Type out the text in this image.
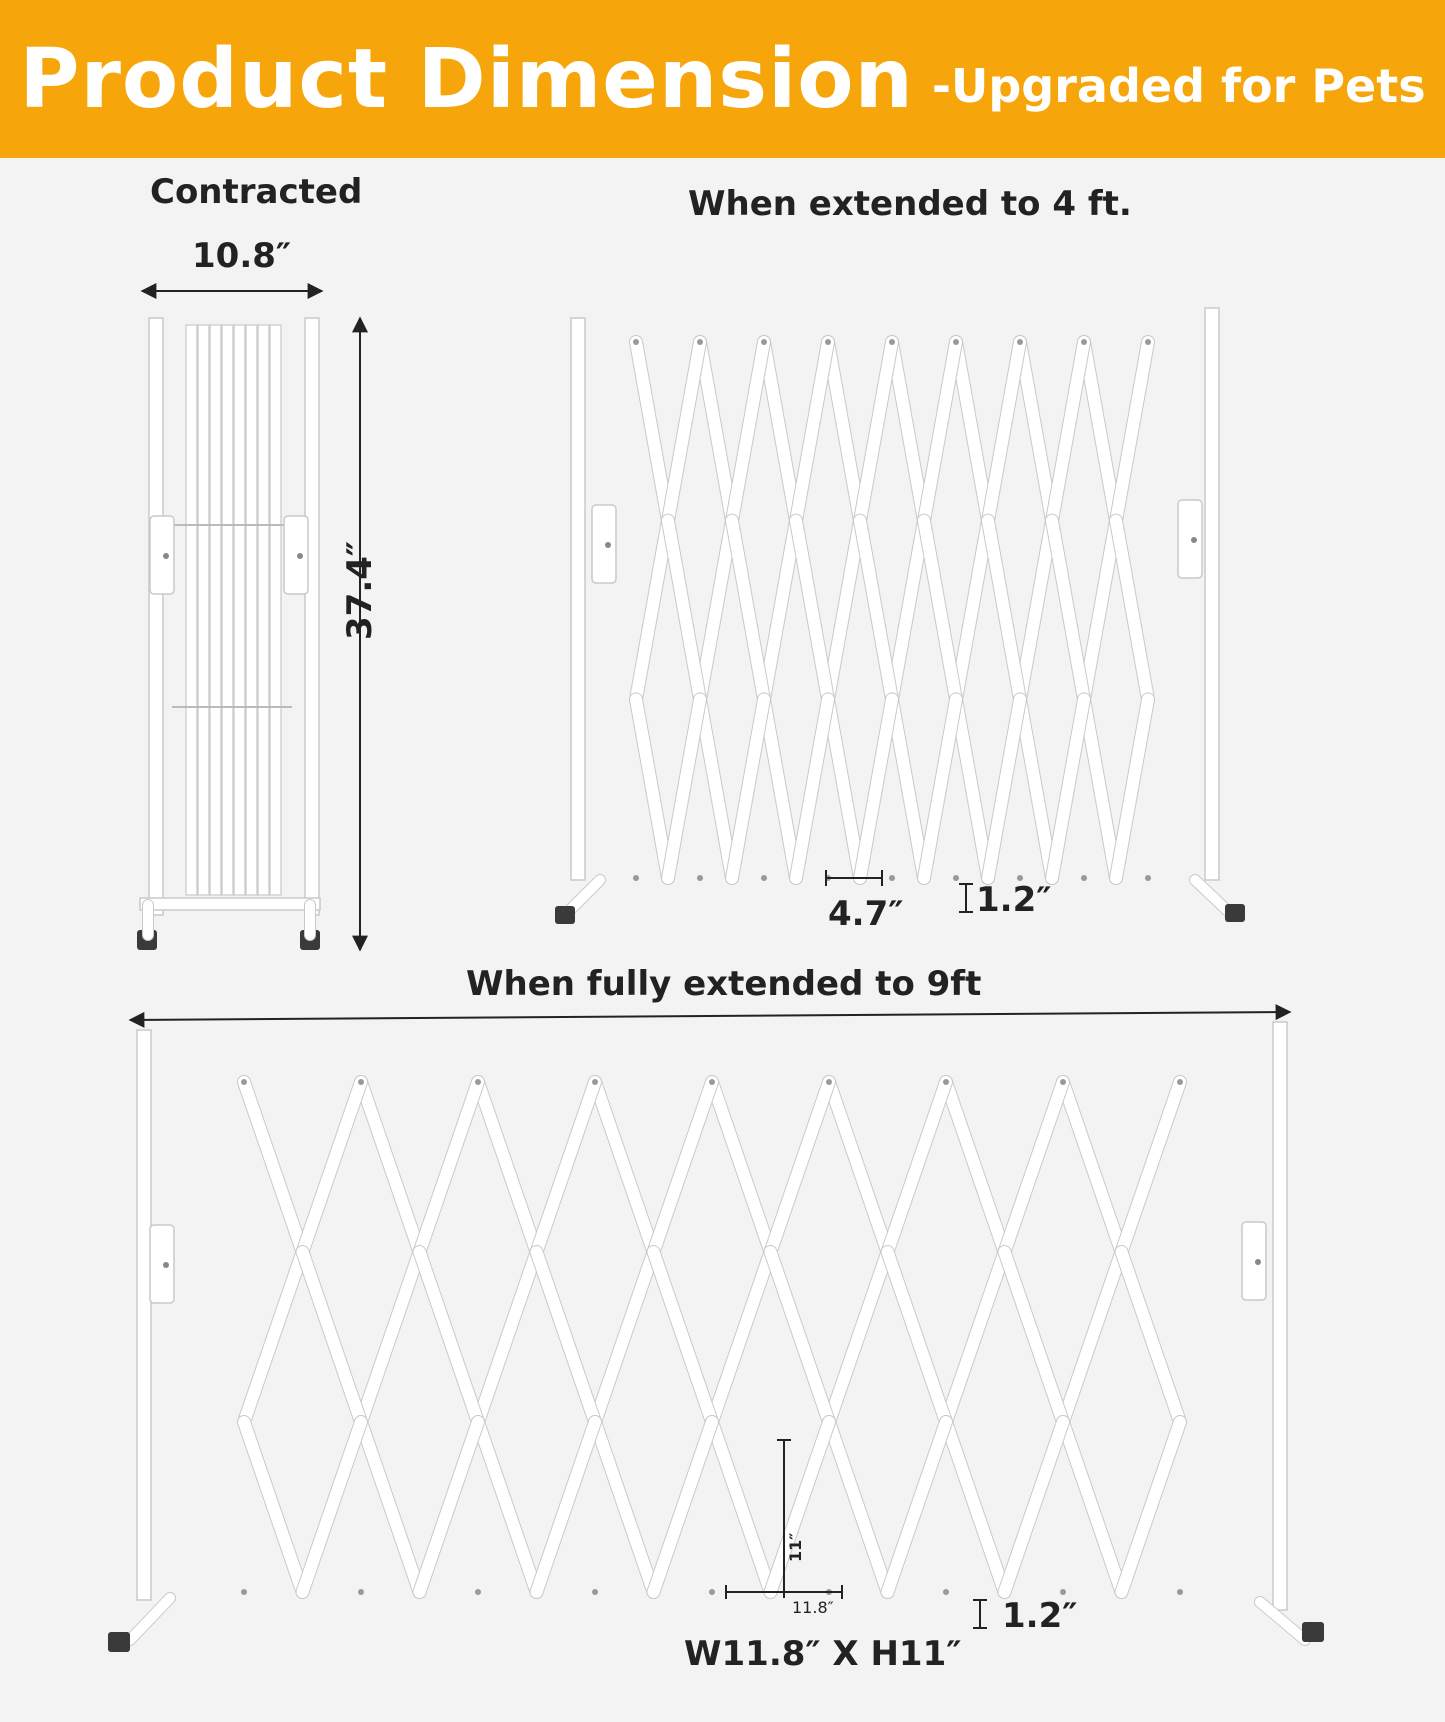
Product Dimension -Upgraded for Pets
Contracted
10.8″
37.4″
When extended to 4 ft.
4.7″ 1.2″
When fully extended to 9ft
11″
11.8″
W11.8″ X H11″
1.2″
